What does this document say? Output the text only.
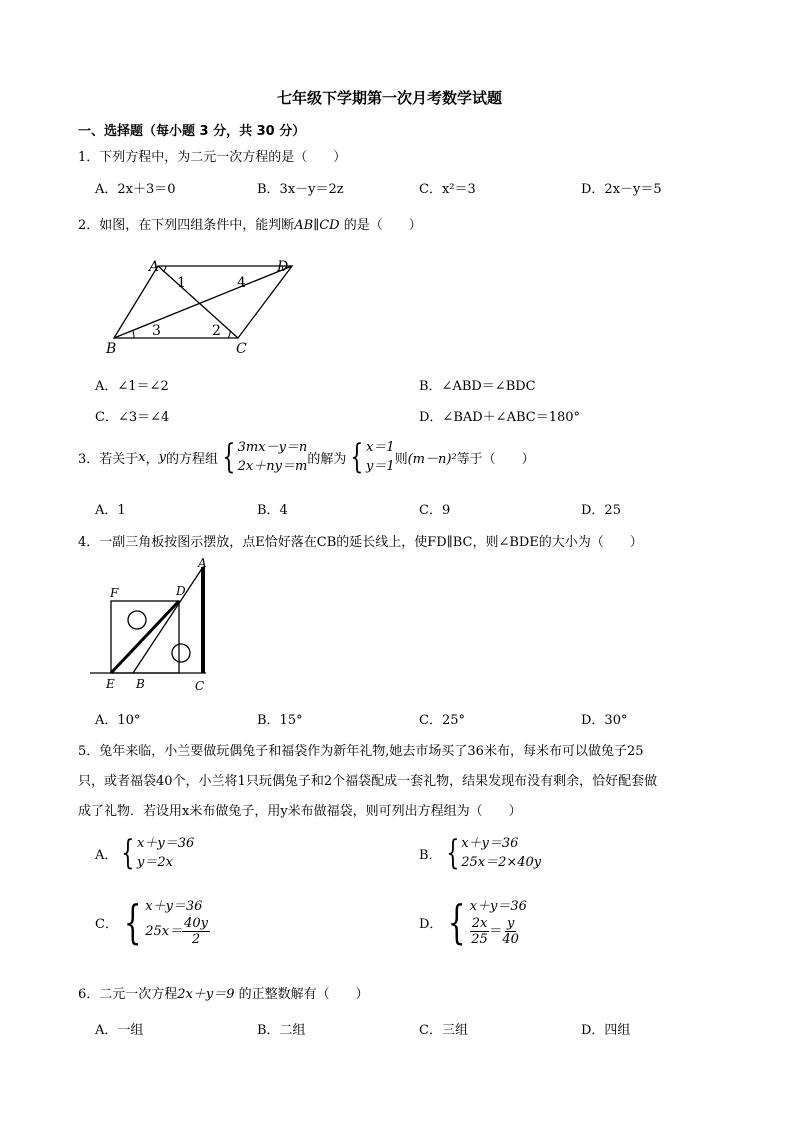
七年级下学期第一次月考数学试题
一、选择题（每小题 3 分，共 30 分）
1．下列方程中，为二元一次方程的是（　　）
A．2x＋3＝0	B．3x－y＝2z	C．x²＝3	D．2x－y＝5
2．如图，在下列四组条件中，能判断AB∥CD 的是（　　）
A	D
B	C
1	4
3	2
A．∠1＝∠2	B．∠ABD＝∠BDC
C．∠3＝∠4	D．∠BAD＋∠ABC＝180°
3．若关于 x ， y 的方程组 { 3mx－y＝n
2x＋ny＝m 的解为 { x＝1
y＝1 则 (m－n)² 等于（　　）
A．1	B．4	C．9	D．25
4．一副三角板按图示摆放，点E恰好落在CB的延长线上，使FD∥BC，则∠BDE的大小为（　　）
A
F	D
E B	C
A．10°	B．15°	C．25°	D．30°
5．兔年来临，小兰要做玩偶兔子和福袋作为新年礼物,她去市场买了36米布，每米布可以做兔子25
只，或者福袋40个，小兰将1只玩偶兔子和2个福袋配成一套礼物，结果发现布没有剩余，恰好配套做
成了礼物．若设用x米布做兔子，用y米布做福袋，则可列出方程组为（　　）
A． { x＋y＝36
y＝2x	B． { x＋y＝36
25x＝2×40y
C． { x＋y＝36
$25x= \frac{40y}{2}$	D． { x＋y＝36
$\frac{2x}{25} = \frac{y}{40}$
6．二元一次方程2x＋y＝9 的正整数解有（　　）
A．一组	B．二组	C．三组	D．四组
